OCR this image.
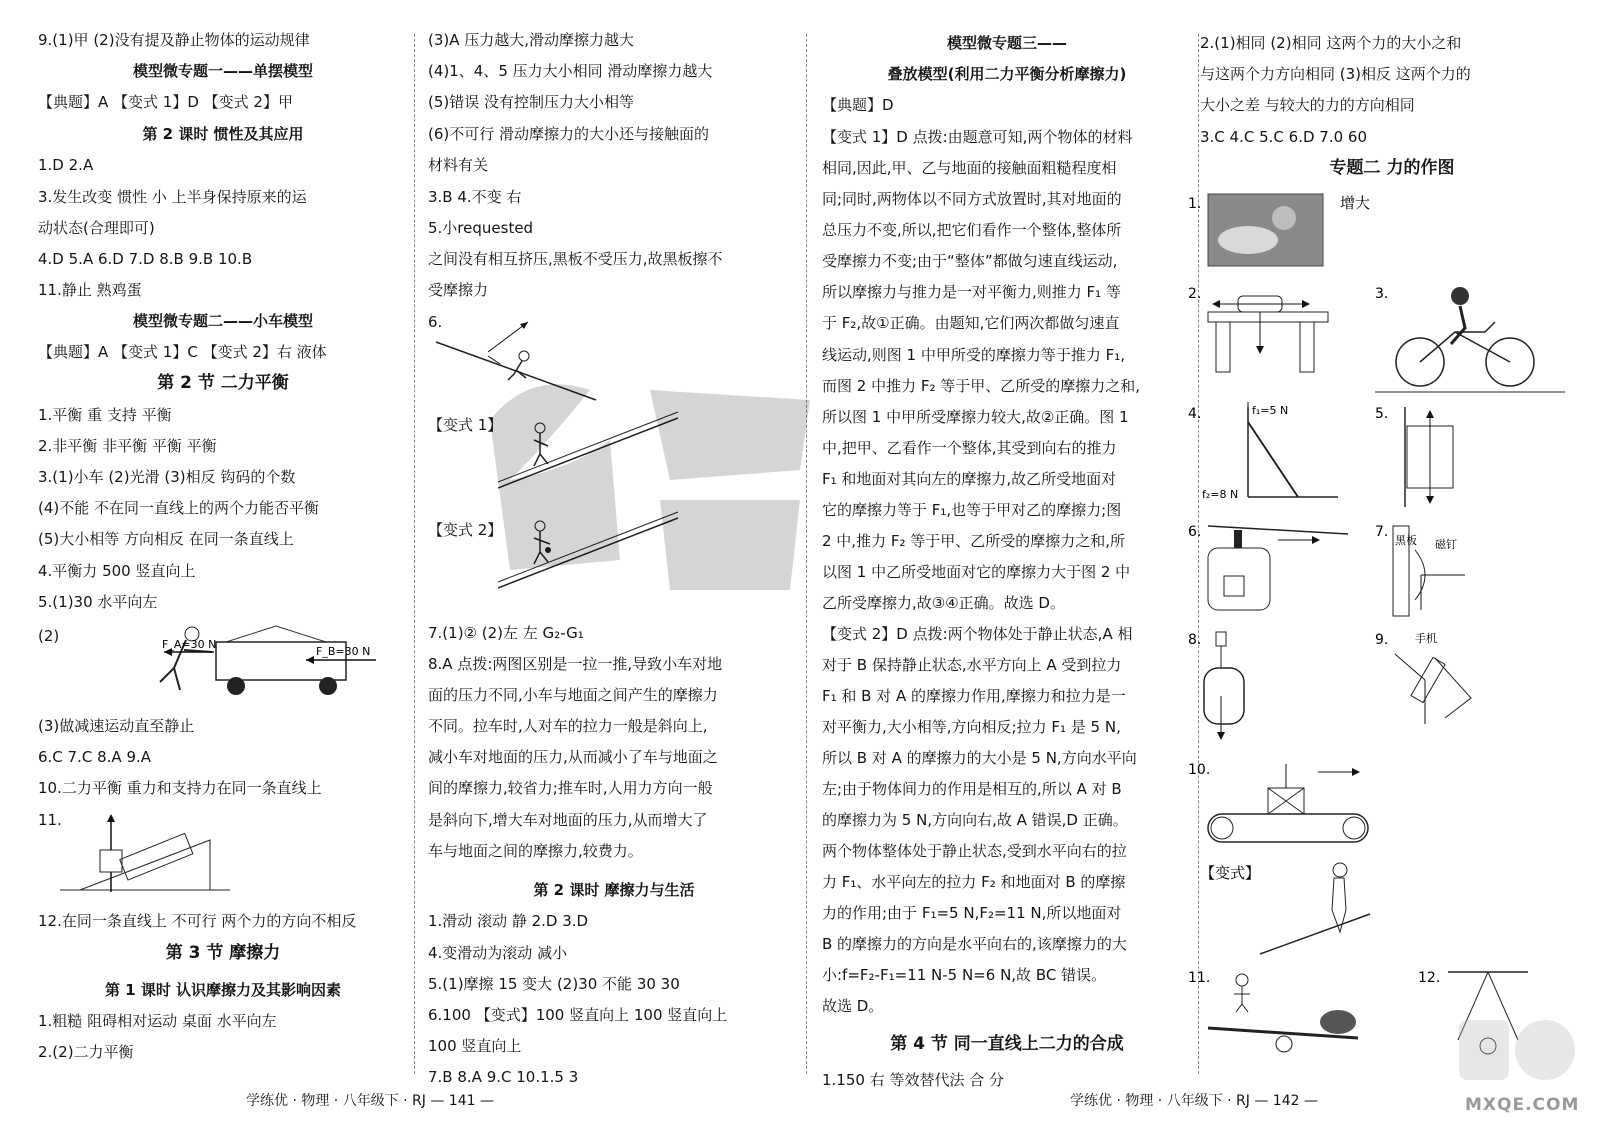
9.(1)甲 (2)没有提及静止物体的运动规律
模型微专题一——单摆模型
【典题】A 【变式 1】D 【变式 2】甲
第 2 课时 惯性及其应用
1.D 2.A
3.发生改变 惯性 小 上半身保持原来的运
动状态(合理即可)
4.D 5.A 6.D 7.D 8.B 9.B 10.B
11.静止 熟鸡蛋
模型微专题二——小车模型
【典题】A 【变式 1】C 【变式 2】右 液体
第 2 节 二力平衡
1.平衡 重 支持 平衡
2.非平衡 非平衡 平衡 平衡
3.(1)小车 (2)光滑 (3)相反 钩码的个数
(4)不能 不在同一直线上的两个力能否平衡
(5)大小相等 方向相反 在同一条直线上
4.平衡力 500 竖直向上
5.(1)30 水平向左
(2)	F_A=30 N
F_B=30 N
(3)做减速运动直至静止
6.C 7.C 8.A 9.A
10.二力平衡 重力和支持力在同一条直线上
11.
12.在同一条直线上 不可行 两个力的方向不相反
第 3 节 摩擦力
第 1 课时 认识摩擦力及其影响因素
1.粗糙 阻碍相对运动 桌面 水平向左
2.(2)二力平衡
(3)A 压力越大,滑动摩擦力越大
(4)1、4、5 压力大小相同 滑动摩擦力越大
(5)错误 没有控制压力大小相等
(6)不可行 滑动摩擦力的大小还与接触面的
材料有关
3.B 4.不变 右
5.小requested
之间没有相互挤压,黑板不受压力,故黑板擦不
受摩擦力
6.
【变式 1】
【变式 2】
7.(1)② (2)左 左 G₂-G₁
8.A 点拨:两图区别是一拉一推,导致小车对地
面的压力不同,小车与地面之间产生的摩擦力
不同。拉车时,人对车的拉力一般是斜向上,
减小车对地面的压力,从而减小了车与地面之
间的摩擦力,较省力;推车时,人用力方向一般
是斜向下,增大车对地面的压力,从而增大了
车与地面之间的摩擦力,较费力。
第 2 课时 摩擦力与生活
1.滑动 滚动 静 2.D 3.D
4.变滑动为滚动 减小
5.(1)摩擦 15 变大 (2)30 不能 30 30
6.100 【变式】100 竖直向上 100 竖直向上
100 竖直向上
7.B 8.A 9.C 10.1.5 3
模型微专题三——
叠放模型(利用二力平衡分析摩擦力)
【典题】D
【变式 1】D 点拨:由题意可知,两个物体的材料
相同,因此,甲、乙与地面的接触面粗糙程度相
同;同时,两物体以不同方式放置时,其对地面的
总压力不变,所以,把它们看作一个整体,整体所
受摩擦力不变;由于“整体”都做匀速直线运动,
所以摩擦力与推力是一对平衡力,则推力 F₁ 等
于 F₂,故①正确。由题知,它们两次都做匀速直
线运动,则图 1 中甲所受的摩擦力等于推力 F₁,
而图 2 中推力 F₂ 等于甲、乙所受的摩擦力之和,
所以图 1 中甲所受摩擦力较大,故②正确。图 1
中,把甲、乙看作一个整体,其受到向右的推力
F₁ 和地面对其向左的摩擦力,故乙所受地面对
它的摩擦力等于 F₁,也等于甲对乙的摩擦力;图
2 中,推力 F₂ 等于甲、乙所受的摩擦力之和,所
以图 1 中乙所受地面对它的摩擦力大于图 2 中
乙所受摩擦力,故③④正确。故选 D。
【变式 2】D 点拨:两个物体处于静止状态,A 相
对于 B 保持静止状态,水平方向上 A 受到拉力
F₁ 和 B 对 A 的摩擦力作用,摩擦力和拉力是一
对平衡力,大小相等,方向相反;拉力 F₁ 是 5 N,
所以 B 对 A 的摩擦力的大小是 5 N,方向水平向
左;由于物体间力的作用是相互的,所以 A 对 B
的摩擦力为 5 N,方向向右,故 A 错误,D 正确。
两个物体整体处于静止状态,受到水平向右的拉
力 F₁、水平向左的拉力 F₂ 和地面对 B 的摩擦
力的作用;由于 F₁=5 N,F₂=11 N,所以地面对
B 的摩擦力的方向是水平向右的,该摩擦力的大
小:f=F₂-F₁=11 N-5 N=6 N,故 BC 错误。
故选 D。
第 4 节 同一直线上二力的合成
1.150 右 等效替代法 合 分
2.(1)相同 (2)相同 这两个力的大小之和
与这两个力方向相同 (3)相反 这两个力的
大小之差 与较大的力的方向相同
3.C 4.C 5.C 6.D 7.0 60
专题二 力的作图
1.	增大
2.	3.
4.	f₁=5 N
f₂=8 N
5.
6.	7.
黑板 磁钉
8.	9. 手机
10.
【变式】
11.	12.
MXQE.COM
学练优 · 物理 · 八年级下 · RJ — 141 —	学练优 · 物理 · 八年级下 · RJ — 142 —
